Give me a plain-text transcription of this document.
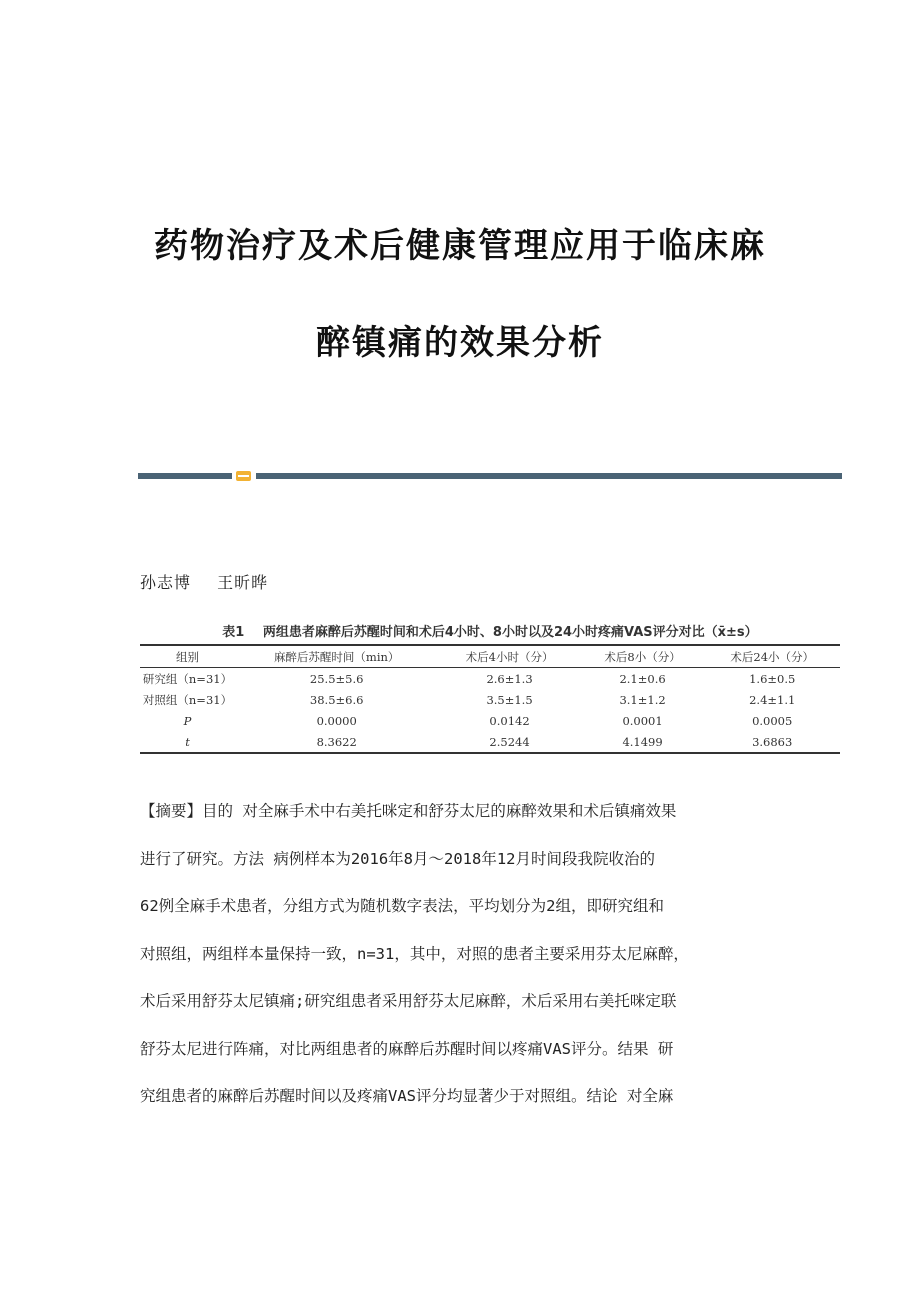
药物治疗及术后健康管理应用于临床麻
醉镇痛的效果分析
孙志博 王昕晔
表1 两组患者麻醉后苏醒时间和术后4小时、8小时以及24小时疼痛VAS评分对比（x̄±s）
组别	麻醉后苏醒时间（min）	术后4小时（分）	术后8小（分）	术后24小（分）
研究组（n=31）	25.5±5.6	2.6±1.3	2.1±0.6	1.6±0.5
对照组（n=31）	38.5±6.6	3.5±1.5	3.1±1.2	2.4±1.1
P	0.0000	0.0142	0.0001	0.0005
t	8.3622	2.5244	4.1499	3.6863

【摘要】目的 对全麻手术中右美托咪定和舒芬太尼的麻醉效果和术后镇痛效果

进行了研究。方法 病例样本为2016年8月～2018年12月时间段我院收治的

62例全麻手术患者，分组方式为随机数字表法，平均划分为2组，即研究组和

对照组，两组样本量保持一致，n=31，其中，对照的患者主要采用芬太尼麻醉，

术后采用舒芬太尼镇痛;研究组患者采用舒芬太尼麻醉，术后采用右美托咪定联

舒芬太尼进行阵痛，对比两组患者的麻醉后苏醒时间以疼痛VAS评分。结果 研

究组患者的麻醉后苏醒时间以及疼痛VAS评分均显著少于对照组。结论 对全麻
